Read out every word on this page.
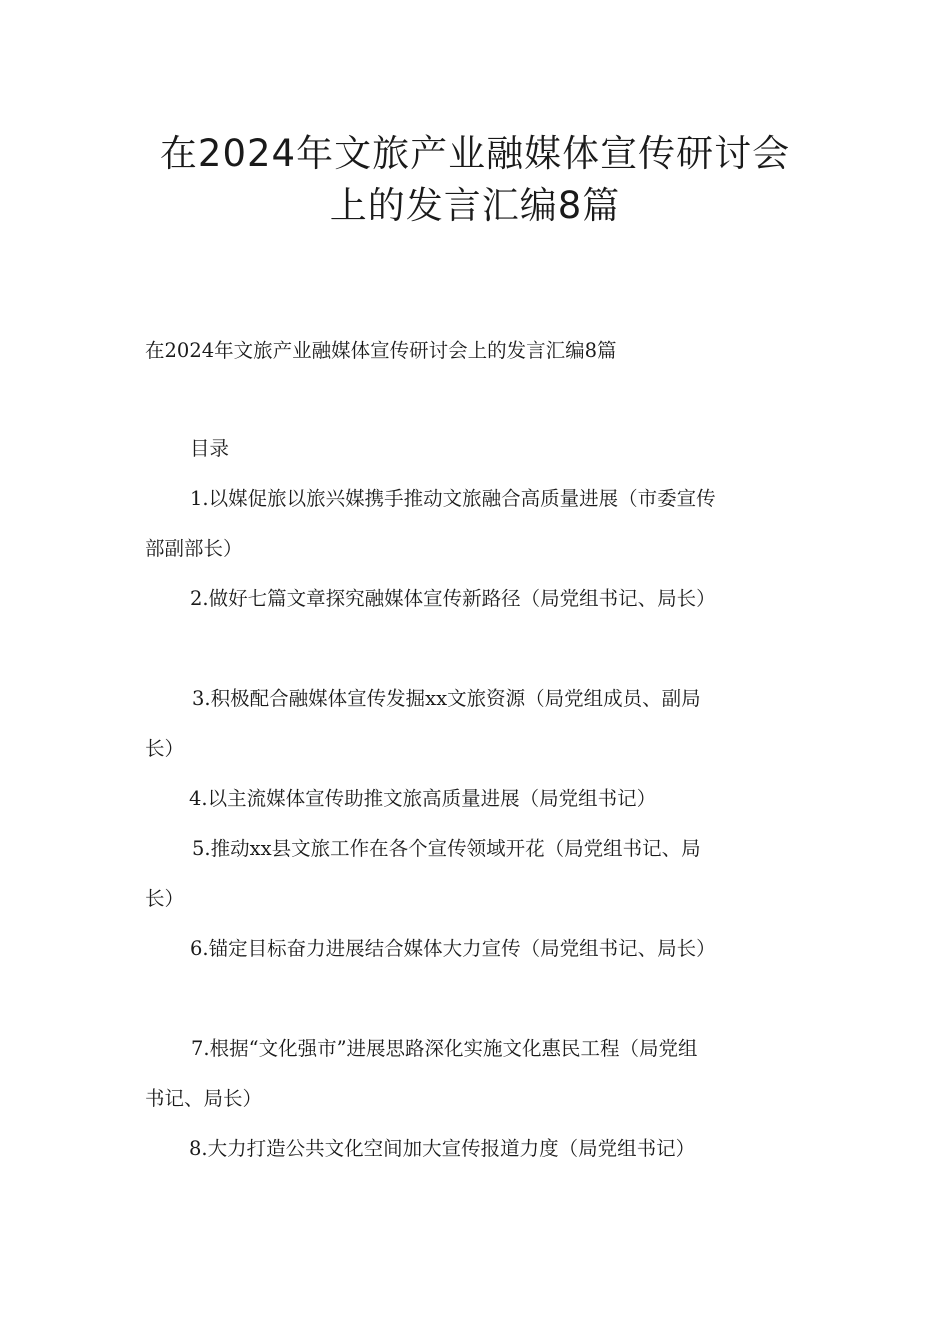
在2024年文旅产业融媒体宣传研讨会
上的发言汇编8篇

在2024年文旅产业融媒体宣传研讨会上的发言汇编8篇

目录

1.以媒促旅以旅兴媒携手推动文旅融合高质量进展（市委宣传
部副部长）
2.做好七篇文章探究融媒体宣传新路径（局党组书记、局长）
3.积极配合融媒体宣传发掘xx文旅资源（局党组成员、副局
长）
4.以主流媒体宣传助推文旅高质量进展（局党组书记）
5.推动xx县文旅工作在各个宣传领域开花（局党组书记、局
长）
6.锚定目标奋力进展结合媒体大力宣传（局党组书记、局长）
7.根据“文化强市”进展思路深化实施文化惠民工程（局党组
书记、局长）
8.大力打造公共文化空间加大宣传报道力度（局党组书记）
